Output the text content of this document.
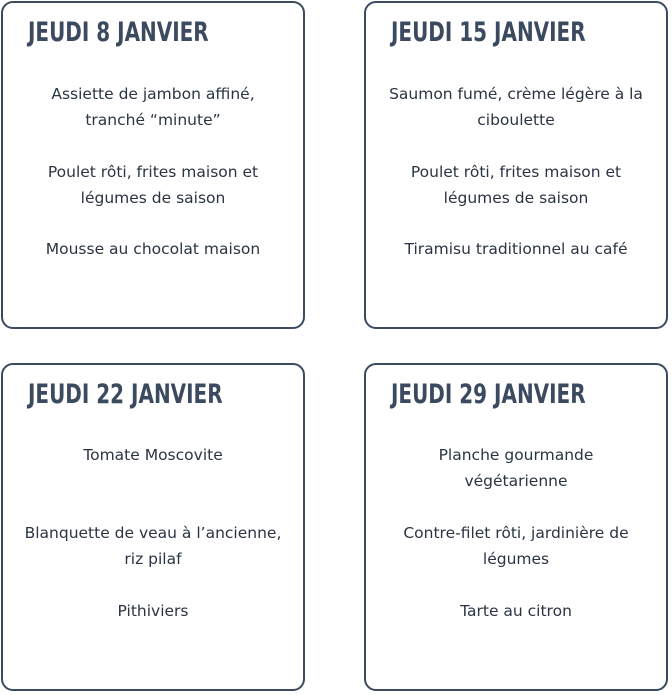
JEUDI 8 JANVIER

Assiette de jambon affiné, tranché “minute”

Poulet rôti, frites maison et légumes de saison

Mousse au chocolat maison

JEUDI 15 JANVIER

Saumon fumé, crème légère à la ciboulette

Poulet rôti, frites maison et légumes de saison

Tiramisu traditionnel au café

JEUDI 22 JANVIER

Tomate Moscovite

Blanquette de veau à l’ancienne, riz pilaf

Pithiviers

JEUDI 29 JANVIER

Planche gourmande végétarienne

Contre-filet rôti, jardinière de légumes

Tarte au citron
